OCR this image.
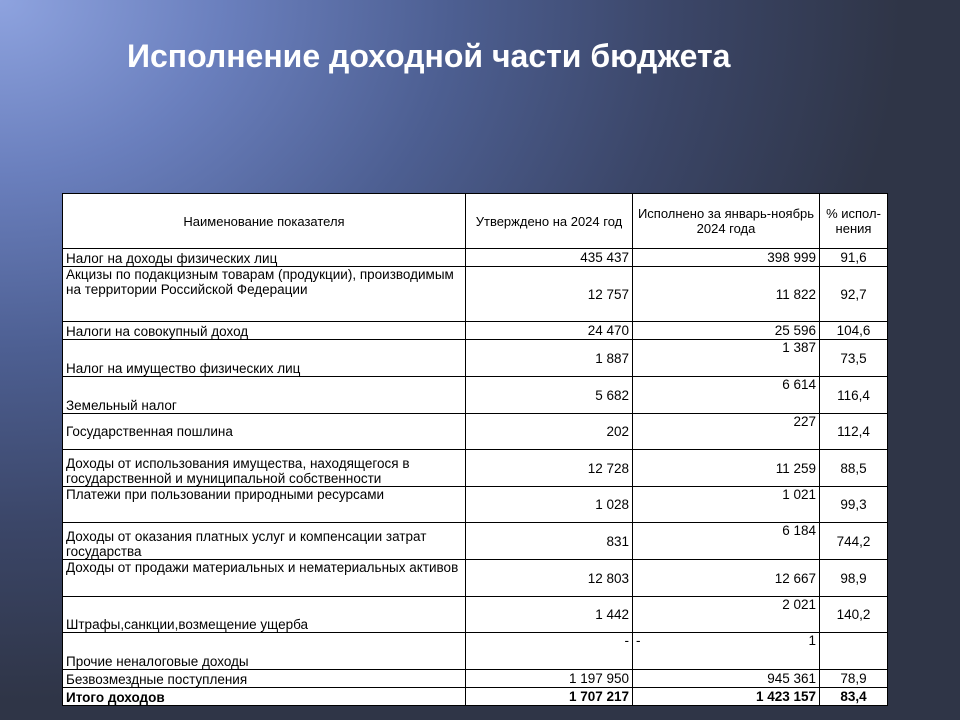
Исполнение доходной части бюджета
Наименование показателя	Утверждено на 2024 год	Исполнено за январь-ноябрь 2024 года	% испол-нения
Налог на доходы физических лиц	435 437	398 999	91,6
Акцизы по подакцизным товарам (продукции), производимым на территории Российской Федерации	12 757	11 822	92,7
Налоги на совокупный доход	24 470	25 596	104,6
Налог на имущество физических лиц	1 887	1 387	73,5
Земельный налог	5 682	6 614	116,4
Государственная пошлина	202	227	112,4
Доходы от использования имущества, находящегося в государственной и муниципальной собственности	12 728	11 259	88,5
Платежи при пользовании природными ресурсами	1 028	1 021	99,3
Доходы от оказания платных услуг и компенсации затрат государства	831	6 184	744,2
Доходы от продажи материальных и нематериальных активов	12 803	12 667	98,9
Штрафы,санкции,возмещение ущерба	1 442	2 021	140,2
Прочие неналоговые доходы	-	- 1	

Безвозмездные поступления	1 197 950	945 361	78,9
Итого доходов	1 707 217	1 423 157	83,4
